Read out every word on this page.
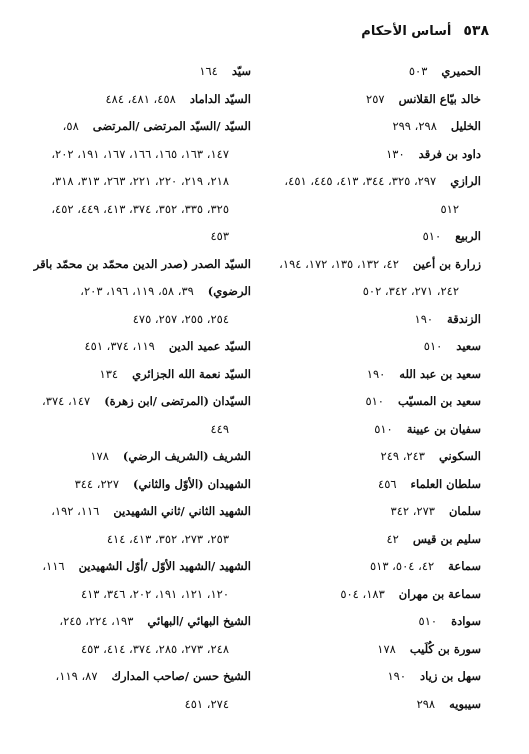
٥٣٨
أساس الأحكام
الحميري٥٠٣
خالد بيّاع القلانس٢٥٧
الخليل٢٩٨، ٢٩٩
داود بن فرقد١٣٠
الرازي٢٩٧، ٣٢٥، ٣٤٤، ٤١٣، ٤٤٥، ٤٥١،
٥١٢
الربيع٥١٠
زرارة بن أعين٤٢، ١٣٢، ١٣٥، ١٧٢، ١٩٤،
٢٤٢، ٢٧١، ٣٤٢، ٥٠٢
الزندقة١٩٠
سعيد٥١٠
سعيد بن عبد الله١٩٠
سعيد بن المسيّب٥١٠
سفيان بن عيينة٥١٠
السكوني٢٤٣، ٢٤٩
سلطان العلماء٤٥٦
سلمان٢٧٣، ٣٤٢
سليم بن قيس٤٢
سماعة٤٢، ٥٠٤، ٥١٣
سماعة بن مهران١٨٣، ٥٠٤
سوادة٥١٠
سورة بن كُلَيب١٧٨
سهل بن زياد١٩٠
سيبويه٢٩٨
سيّد١٦٤
السيّد الداماد٤٥٨، ٤٨١، ٤٨٤
السيّد /السيّد المرتضى /المرتضى٥٨،
١٤٧، ١٦٣، ١٦٥، ١٦٦، ١٦٧، ١٩١، ٢٠٢،
٢١٨، ٢١٩، ٢٢٠، ٢٢١، ٢٦٣، ٣١٣، ٣١٨،
٣٢٥، ٣٣٥، ٣٥٢، ٣٧٤، ٤١٣، ٤٤٩، ٤٥٢،
٤٥٣
السيّد الصدر (صدر الدين محمّد بن محمّد باقر
الرضوي)٣٩، ٥٨، ١١٩، ١٩٦، ٢٠٣،
٢٥٤، ٢٥٥، ٢٥٧، ٤٧٥
السيّد عميد الدين١١٩، ٣٧٤، ٤٥١
السيّد نعمة الله الجزائري١٣٤
السيّدان (المرتضى /ابن زهرة)١٤٧، ٣٧٤،
٤٤٩
الشريف (الشريف الرضي)١٧٨
الشهيدان (الأوّل والثاني)٢٢٧، ٣٤٤
الشهيد الثاني /ثاني الشهيدين١١٦، ١٩٢،
٢٥٣، ٢٧٣، ٣٥٢، ٤١٣، ٤١٤
الشهيد /الشهيد الأوّل /أوّل الشهيدين١١٦،
١٢٠، ١٢١، ١٩١، ٢٠٢، ٣٤٦، ٤١٣
الشيخ البهائي /البهائي١٩٣، ٢٢٤، ٢٤٥،
٢٤٨، ٢٧٣، ٢٨٥، ٣٧٤، ٤١٤، ٤٥٣
الشيخ حسن /صاحب المدارك٨٧، ١١٩،
٢٧٤، ٤٥١
